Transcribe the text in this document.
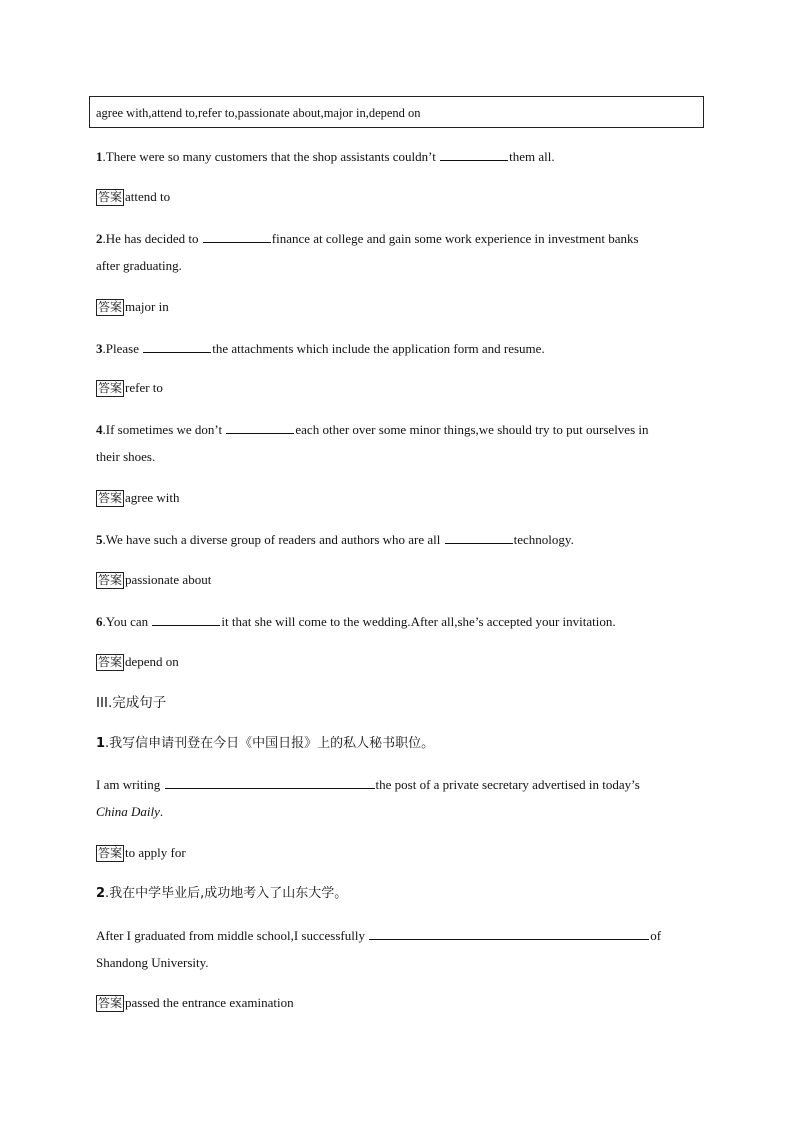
agree with,attend to,refer to,passionate about,major in,depend on
1.There were so many customers that the shop assistants couldn’t	them all.
答案 attend to
2.He has decided to	finance at college and gain some work experience in investment banks
after graduating.
答案 major in
3.Please	the attachments which include the application form and resume.
答案 refer to
4.If sometimes we don’t	each other over some minor things,we should try to put ourselves in
their shoes.
答案 agree with
5.We have such a diverse group of readers and authors who are all	technology.
答案 passionate about
6.You can	it that she will come to the wedding.After all,she’s accepted your invitation.
答案 depend on
III.完成句子
1.我写信申请刊登在今日《中国日报》上的私人秘书职位。
I am writing	the post of a private secretary advertised in today’s
China Daily.
答案 to apply for
2.我在中学毕业后,成功地考入了山东大学。
After I graduated from middle school,I successfully	of
Shandong University.
答案 passed the entrance examination
